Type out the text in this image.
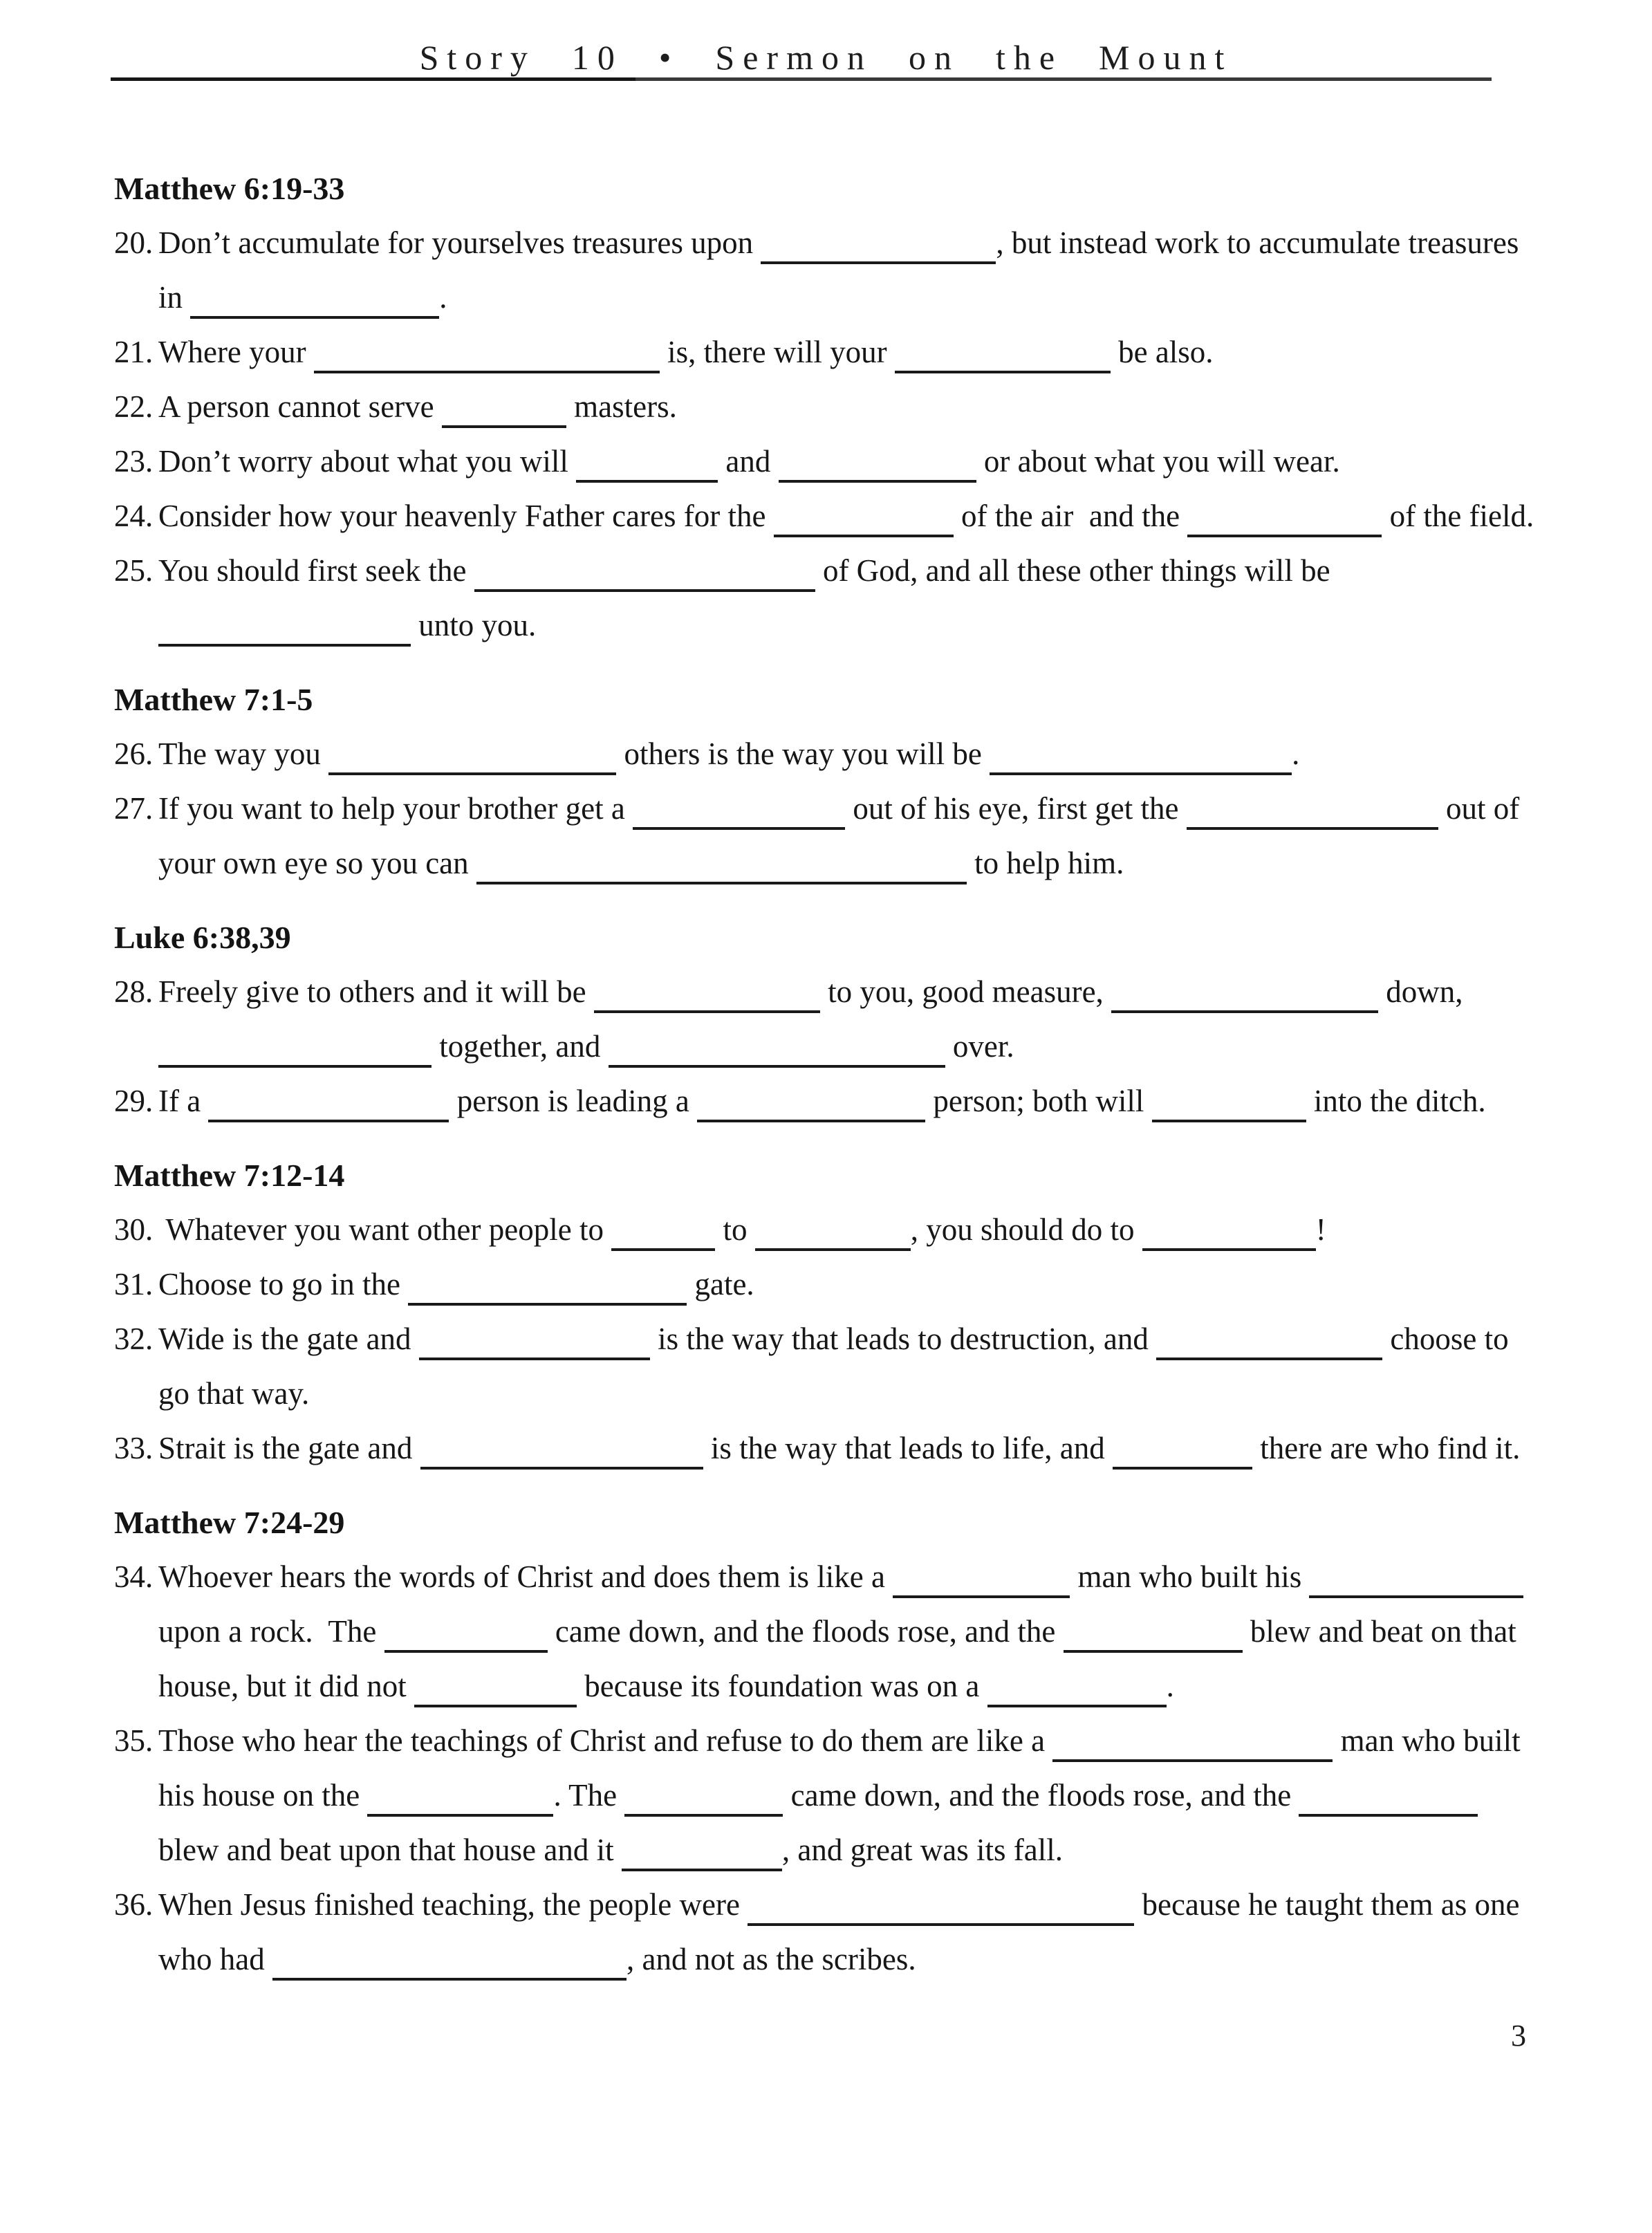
Story 10 • Sermon on the Mount
Matthew 6:19-33
20. Don’t accumulate for yourselves treasures upon	, but instead work to accumulate treasures
in	.
21. Where your	is, there will your	be also.
22. A person cannot serve	masters.
23. Don’t worry about what you will	and	or about what you will wear.
24. Consider how your heavenly Father cares for the	of the air  and the	of the field.
25. You should first seek the	of God, and all these other things will be
unto you.
Matthew 7:1-5
26. The way you	others is the way you will be	.
27. If you want to help your brother get a	out of his eye, first get the	out of
your own eye so you can	to help him.
Luke 6:38,39
28. Freely give to others and it will be	to you, good measure,	down,
together, and	over.
29. If a	person is leading a	person; both will	into the ditch.
Matthew 7:12-14
30. Whatever you want other people to	to	, you should do to	!
31. Choose to go in the	gate.
32. Wide is the gate and	is the way that leads to destruction, and	choose to
go that way.
33. Strait is the gate and	is the way that leads to life, and	there are who find it.
Matthew 7:24-29
34. Whoever hears the words of Christ and does them is like a	man who built his
upon a rock.  The	came down, and the floods rose, and the	blew and beat on that
house, but it did not	because its foundation was on a	.
35. Those who hear the teachings of Christ and refuse to do them are like a	man who built
his house on the	. The	came down, and the floods rose, and the
blew and beat upon that house and it	, and great was its fall.
36. When Jesus finished teaching, the people were	because he taught them as one
who had	, and not as the scribes.
3
